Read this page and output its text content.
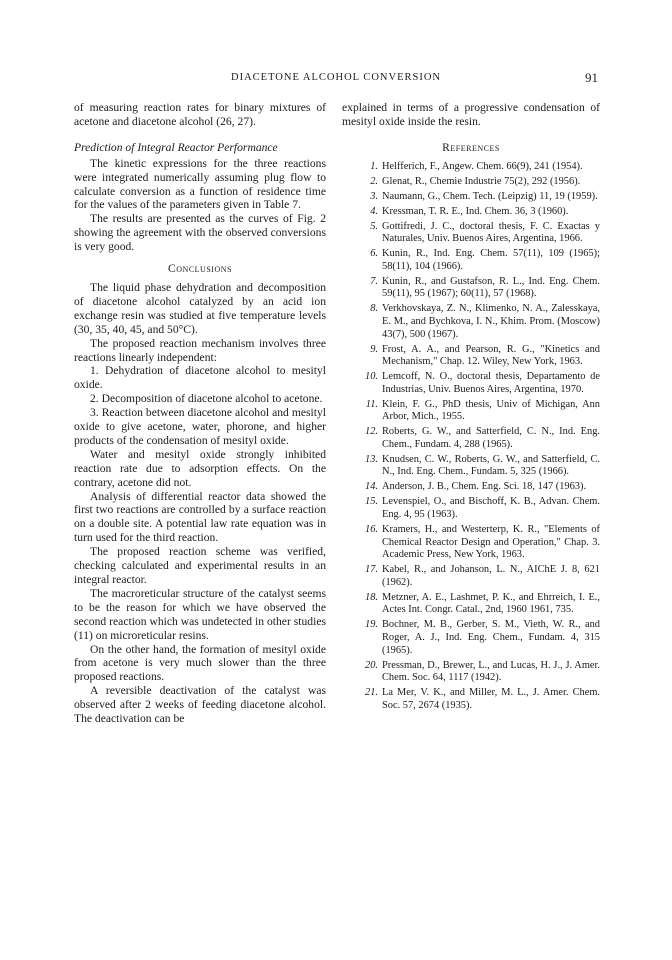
DIACETONE ALCOHOL CONVERSION	91

of measuring reaction rates for binary mixtures of acetone and diacetone alcohol (26, 27).

Prediction of Integral Reactor Performance

The kinetic expressions for the three reactions were integrated numerically assuming plug flow to calculate conversion as a function of residence time for the values of the parameters given in Table 7.

The results are presented as the curves of Fig. 2 showing the agreement with the observed conversions is very good.

Conclusions

The liquid phase dehydration and decomposition of diacetone alcohol catalyzed by an acid ion exchange resin was studied at five temperature levels (30, 35, 40, 45, and 50°C).

The proposed reaction mechanism involves three reactions linearly independent:

1. Dehydration of diacetone alcohol to mesityl oxide.

2. Decomposition of diacetone alcohol to acetone.

3. Reaction between diacetone alcohol and mesityl oxide to give acetone, water, phorone, and higher products of the condensation of mesityl oxide.

Water and mesityl oxide strongly inhibited reaction rate due to adsorption effects. On the contrary, acetone did not.

Analysis of differential reactor data showed the first two reactions are controlled by a surface reaction on a double site. A potential law rate equation was in turn used for the third reaction.

The proposed reaction scheme was verified, checking calculated and experimental results in an integral reactor.

The macroreticular structure of the catalyst seems to be the reason for which we have observed the second reaction which was undetected in other studies (11) on microreticular resins.

On the other hand, the formation of mesityl oxide from acetone is very much slower than the three proposed reactions.

A reversible deactivation of the catalyst was observed after 2 weeks of feeding diacetone alcohol. The deactivation can be

explained in terms of a progressive condensation of mesityl oxide inside the resin.

References

1. Helfferich, F., Angew. Chem. 66(9), 241 (1954).
2. Glenat, R., Chemie Industrie 75(2), 292 (1956).
3. Naumann, G., Chem. Tech. (Leipzig) 11, 19 (1959).
4. Kressman, T. R. E., Ind. Chem. 36, 3 (1960).
5. Gottifredi, J. C., doctoral thesis, F. C. Exactas y Naturales, Univ. Buenos Aires, Argentina, 1966.
6. Kunin, R., Ind. Eng. Chem. 57(11), 109 (1965); 58(11), 104 (1966).
7. Kunin, R., and Gustafson, R. L., Ind. Eng. Chem. 59(11), 95 (1967); 60(11), 57 (1968).
8. Verkhovskaya, Z. N., Klimenko, N. A., Zalesskaya, E. M., and Bychkova, I. N., Khim. Prom. (Moscow) 43(7), 500 (1967).
9. Frost, A. A., and Pearson, R. G., "Kinetics and Mechanism," Chap. 12. Wiley, New York, 1963.
10. Lemcoff, N. O., doctoral thesis, Departamento de Industrias, Univ. Buenos Aires, Argentina, 1970.
11. Klein, F. G., PhD thesis, Univ of Michigan, Ann Arbor, Mich., 1955.
12. Roberts, G. W., and Satterfield, C. N., Ind. Eng. Chem., Fundam. 4, 288 (1965).
13. Knudsen, C. W., Roberts, G. W., and Satterfield, C. N., Ind. Eng. Chem., Fundam. 5, 325 (1966).
14. Anderson, J. B., Chem. Eng. Sci. 18, 147 (1963).
15. Levenspiel, O., and Bischoff, K. B., Advan. Chem. Eng. 4, 95 (1963).
16. Kramers, H., and Westerterp, K. R., "Elements of Chemical Reactor Design and Operation," Chap. 3. Academic Press, New York, 1963.
17. Kabel, R., and Johanson, L. N., AIChE J. 8, 621 (1962).
18. Metzner, A. E., Lashmet, P. K., and Ehrreich, I. E., Actes Int. Congr. Catal., 2nd, 1960 1961, 735.
19. Bochner, M. B., Gerber, S. M., Vieth, W. R., and Roger, A. J., Ind. Eng. Chem., Fundam. 4, 315 (1965).
20. Pressman, D., Brewer, L., and Lucas, H. J., J. Amer. Chem. Soc. 64, 1117 (1942).
21. La Mer, V. K., and Miller, M. L., J. Amer. Chem. Soc. 57, 2674 (1935).
